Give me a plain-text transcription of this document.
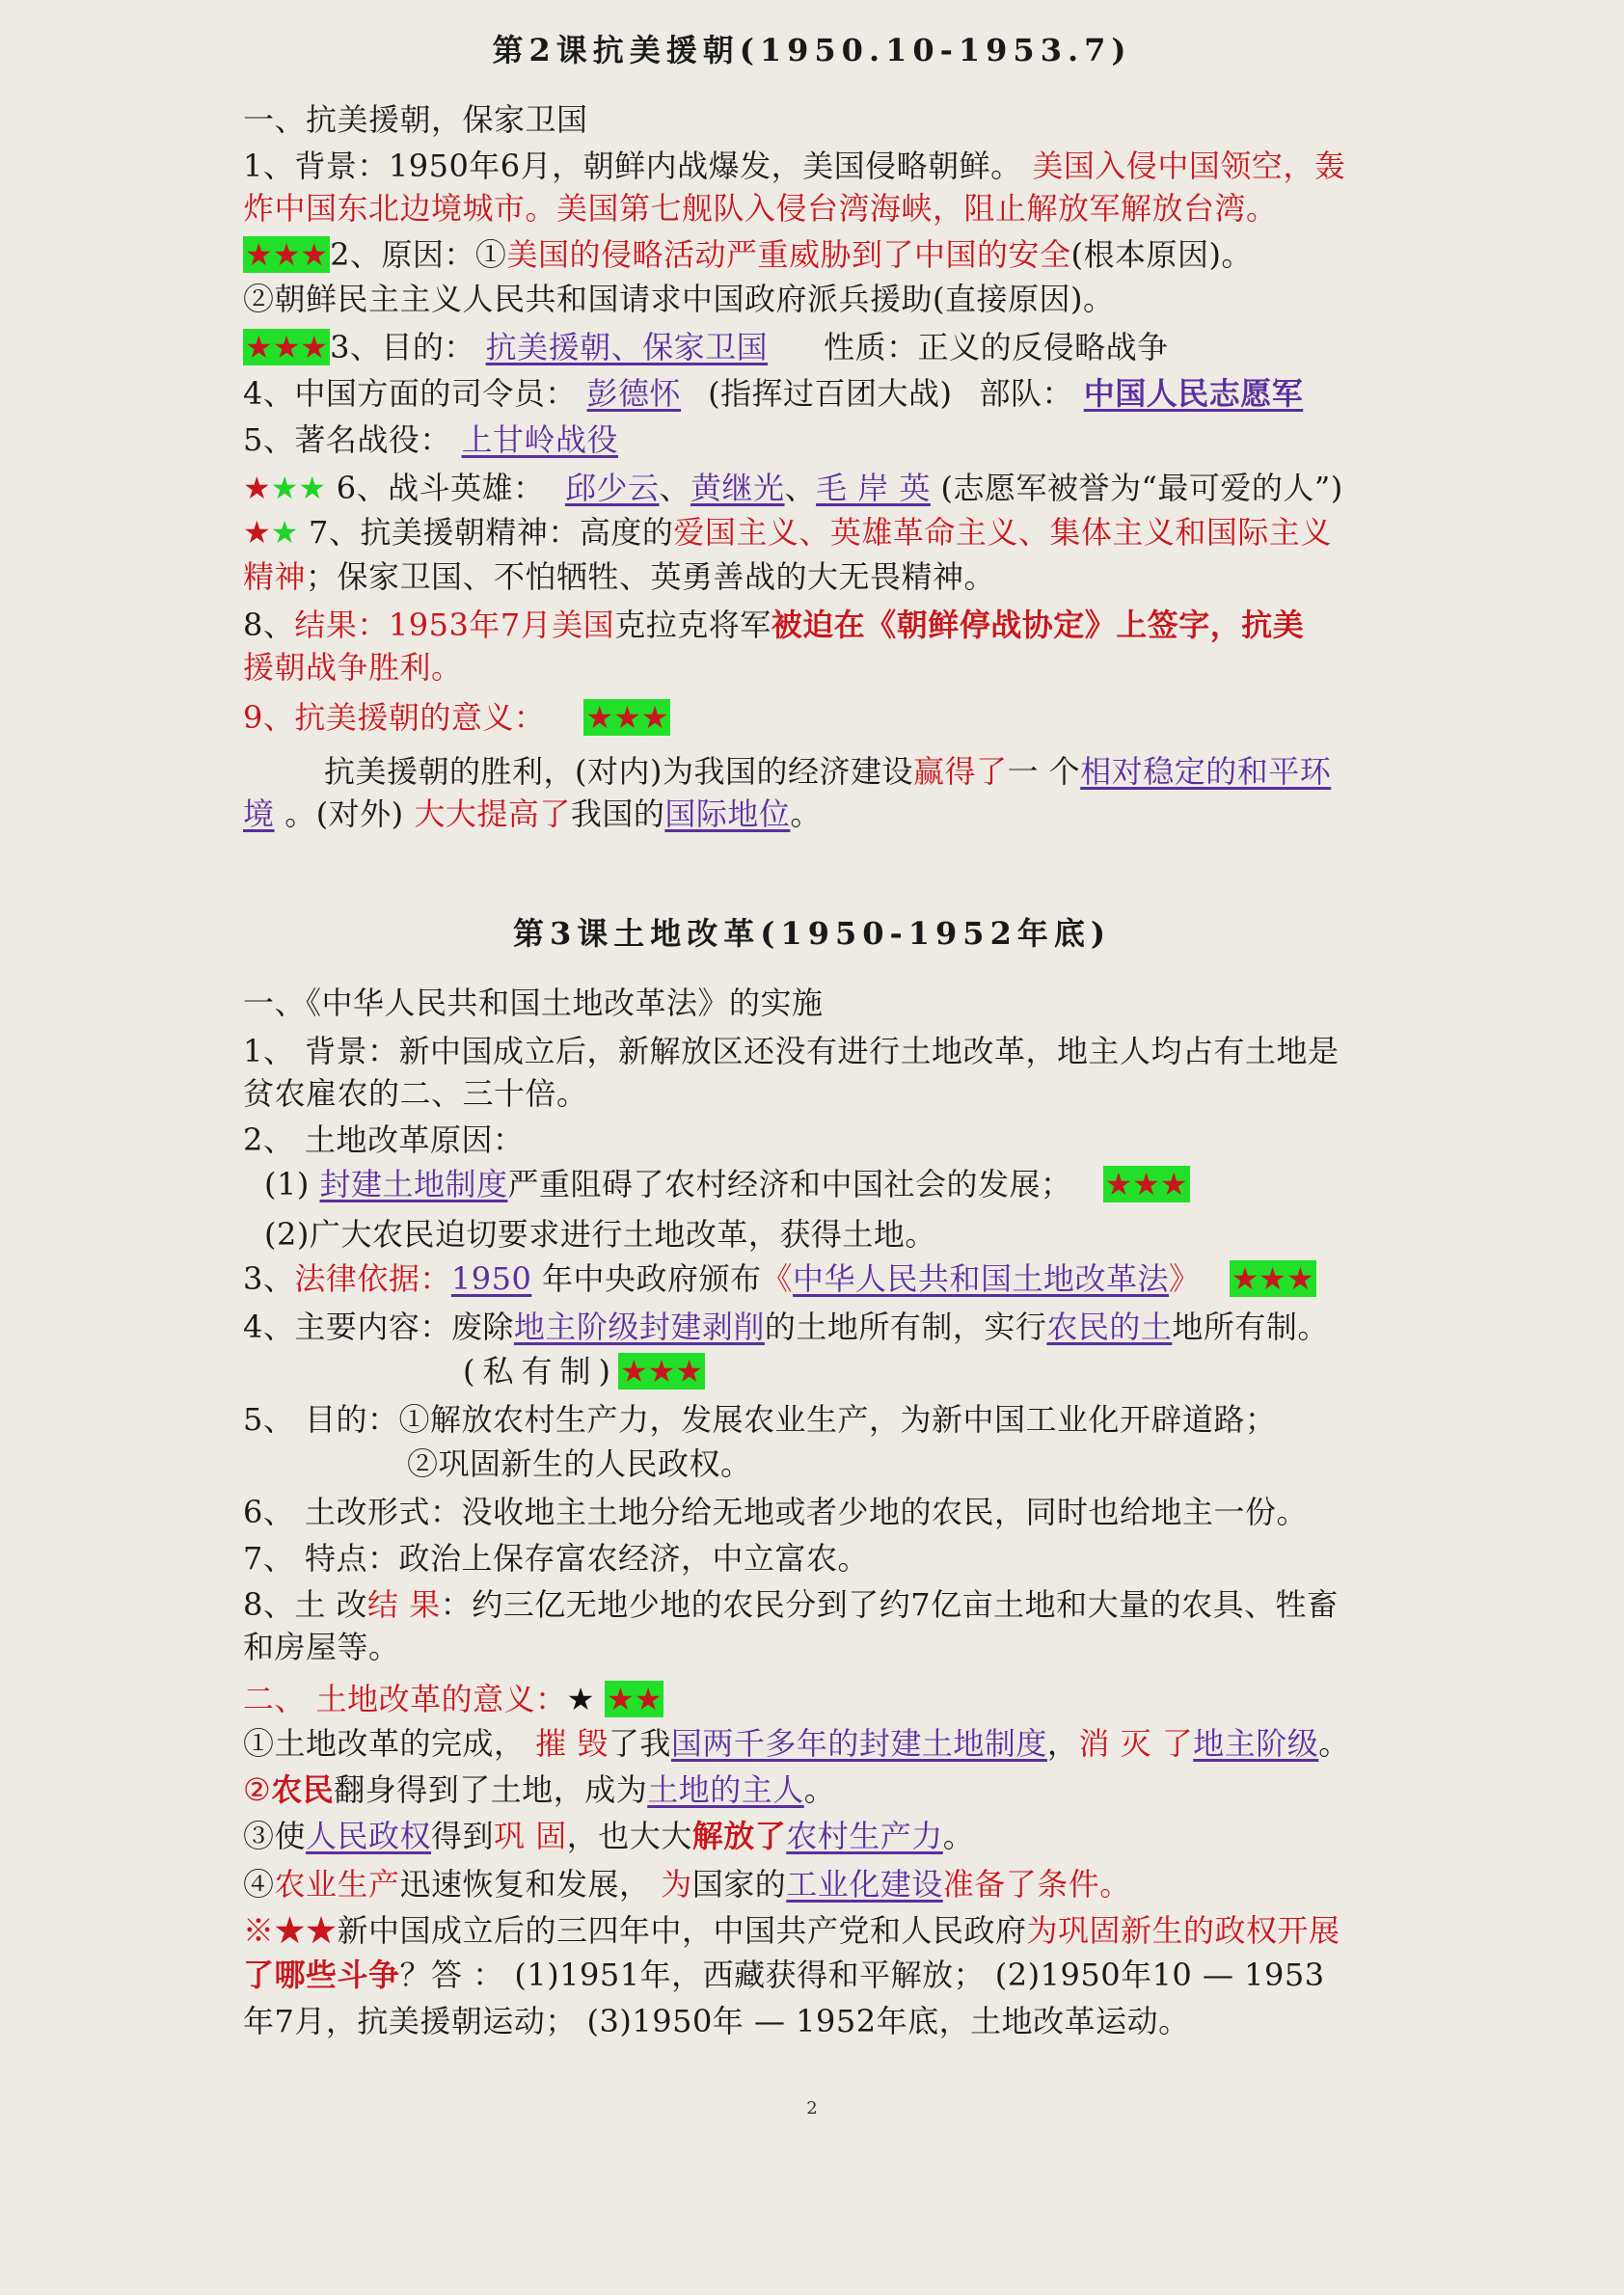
第2课抗美援朝(1950.10-1953.7)
一、抗美援朝，保家卫国
1、背景：1950年6月，朝鲜内战爆发，美国侵略朝鲜。 美国入侵中国领空，轰
炸中国东北边境城市。美国第七舰队入侵台湾海峡，阻止解放军解放台湾。
★★★2、原因：①美国的侵略活动严重威胁到了中国的安全(根本原因)。
②朝鲜民主主义人民共和国请求中国政府派兵援助(直接原因)。
★★★3、目的： 抗美援朝、保家卫国 性质：正义的反侵略战争
4、中国方面的司令员： 彭德怀 (指挥过百团大战) 部队： 中国人民志愿军
5、著名战役： 上甘岭战役
★★★ 6、战斗英雄： 邱少云、黄继光、毛 岸 英 (志愿军被誉为“最可爱的人”)
★★ 7、抗美援朝精神：高度的爱国主义、英雄革命主义、集体主义和国际主义
精神；保家卫国、不怕牺牲、英勇善战的大无畏精神。
8、结果：1953年7月美国克拉克将军被迫在《朝鲜停战协定》上签字，抗美
援朝战争胜利。
9、抗美援朝的意义： ★★★
抗美援朝的胜利，(对内)为我国的经济建设赢得了一 个相对稳定的和平环
境 。(对外) 大大提高了我国的国际地位。
第3课土地改革(1950-1952年底)
一、《中华人民共和国土地改革法》的实施
1、 背景：新中国成立后，新解放区还没有进行土地改革，地主人均占有土地是
贫农雇农的二、三十倍。
2、 土地改革原因：
(1) 封建土地制度严重阻碍了农村经济和中国社会的发展； ★★★
(2)广大农民迫切要求进行土地改革，获得土地。
3、法律依据：1950 年中央政府颁布《中华人民共和国土地改革法》 ★★★
4、主要内容：废除地主阶级封建剥削的土地所有制，实行农民的土地所有制。
(私有制)★★★
5、 目的：①解放农村生产力，发展农业生产，为新中国工业化开辟道路；
②巩固新生的人民政权。
6、 土改形式：没收地主土地分给无地或者少地的农民，同时也给地主一份。
7、 特点：政治上保存富农经济，中立富农。
8、土 改结 果：约三亿无地少地的农民分到了约7亿亩土地和大量的农具、牲畜
和房屋等。
二、 土地改革的意义：★ ★★
①土地改革的完成， 摧 毁了我国两千多年的封建土地制度，消 灭 了地主阶级。
②农民翻身得到了土地，成为土地的主人。
③使人民政权得到巩 固，也大大解放了农村生产力。
④农业生产迅速恢复和发展， 为国家的工业化建设准备了条件。
※★★新中国成立后的三四年中，中国共产党和人民政府为巩固新生的政权开展
了哪些斗争？答 ： (1)1951年，西藏获得和平解放； (2)1950年10 — 1953
年7月，抗美援朝运动； (3)1950年 — 1952年底，土地改革运动。
2
